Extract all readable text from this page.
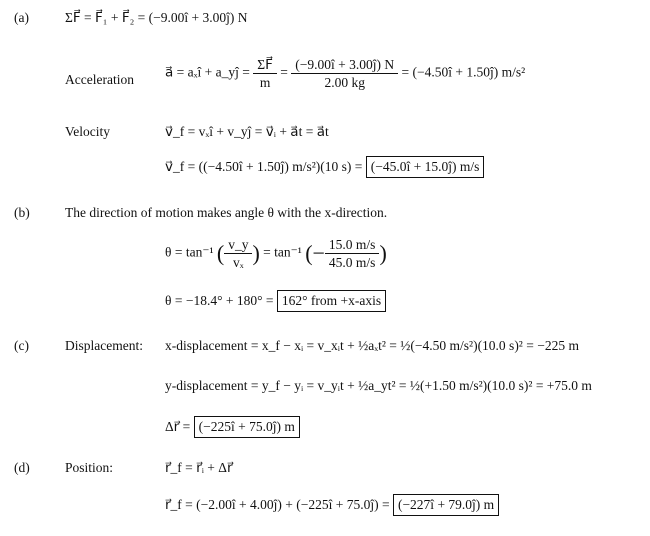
(a)
(b)
(c)
(d)
ΣF⃗ = F⃗₁ + F⃗₂ = (−9.00î + 3.00ĵ) N
Acceleration a⃗ = aₓî + a_yĵ = $\frac{\Sigma F⃗}{m} = \frac{(-9.00î + 3.00ĵ) N}{2.00 kg}$ = (−4.50î + 1.50ĵ) m/s²
Velocity	v⃗_f = vₓî + v_yĵ = v⃗ᵢ + a⃗t = a⃗t
v⃗_f = ((−4.50î + 1.50ĵ) m/s²)(10 s) = (−45.0î + 15.0ĵ) m/s
The direction of motion makes angle θ with the x-direction.
θ = tan⁻¹ ( $\frac{v\_y}{\text{vₓ}}$ ) = tan⁻¹ (− $\frac{15.0 m/s}{45.0 m/s}$ )
θ = −18.4° + 180° = 162° from +x-axis
Displacement: x-displacement = x_f − xᵢ = v_xᵢt + ½aₓt² = ½(−4.50 m/s²)(10.0 s)² = −225 m
y-displacement = y_f − yᵢ = v_yᵢt + ½a_yt² = ½(+1.50 m/s²)(10.0 s)² = +75.0 m
Δr⃗ = (−225î + 75.0ĵ) m
Position:	r⃗_f = r⃗ᵢ + Δr⃗
r⃗_f = (−2.00î + 4.00ĵ) + (−225î + 75.0ĵ) = (−227î + 79.0ĵ) m
